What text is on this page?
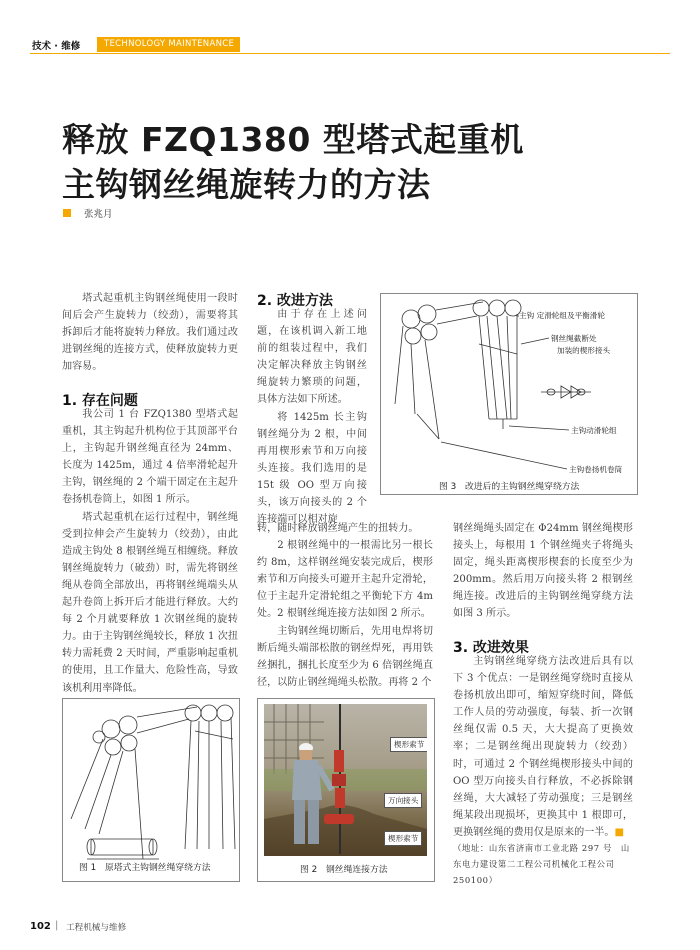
技术 · 维修	TECHNOLOGY MAINTENANCE
释放 FZQ1380 型塔式起重机
主钩钢丝绳旋转力的方法
张兆月

塔式起重机主钩钢丝绳使用一段时间后会产生旋转力（绞劲），需要将其拆卸后才能将旋转力释放。我们通过改进钢丝绳的连接方式，使释放旋转力更加容易。

1. 存在问题

我公司 1 台 FZQ1380 型塔式起重机，其主钩起升机构位于其顶部平台上，主钩起升钢丝绳直径为 24mm、长度为 1425m，通过 4 倍率滑轮起升主钩，钢丝绳的 2 个端干固定在主起升卷扬机卷筒上，如图 1 所示。

塔式起重机在运行过程中，钢丝绳受到拉伸会产生旋转力（绞劲），由此造成主钩处 8 根钢丝绳互相缠绕。释放钢丝绳旋转力（破劲）时，需先将钢丝绳从卷筒全部放出，再将钢丝绳端头从起升卷筒上拆开后才能进行释放。大约每 2 个月就要释放 1 次钢丝绳的旋转力。由于主钩钢丝绳较长，释放 1 次扭转力需耗费 2 天时间，严重影响起重机的使用，且工作量大、危险性高，导致该机利用率降低。

图 1　原塔式主钩钢丝绳穿绕方法
2. 改进方法

由于存在上述问题，在该机调入新工地前的组装过程中，我们决定解决释放主钩钢丝绳旋转力繁琐的问题，具体方法如下所述。

将 1425m 长主钩钢丝绳分为 2 根，中间再用楔形索节和万向接头连接。我们选用的是 15t 级 OO 型万向接头，该万向接头的 2 个连接端可以相对旋

转，随时释放钢丝绳产生的扭转力。

2 根钢丝绳中的一根需比另一根长约 8m，这样钢丝绳安装完成后，楔形索节和万向接头可避开主起升定滑轮，位于主起升定滑轮组之平衡轮下方 4m 处。2 根钢丝绳连接方法如图 2 所示。

主钩钢丝绳切断后，先用电焊将切断后绳头端部松散的钢丝焊死，再用铁丝捆扎，捆扎长度至少为 6 倍钢丝绳直径，以防止钢丝绳绳头松散。再将 2 个

楔形索节
万向接头
楔形索节
图 2　钢丝绳连接方法
主钩 定滑轮组及平衡滑轮
钢丝绳截断处
加装的楔形接头
主钩动滑轮组
主钩卷扬机卷筒
图 3　改进后的主钩钢丝绳穿绕方法

钢丝绳绳头固定在 Φ24mm 钢丝绳楔形接头上，每根用 1 个钢丝绳夹子将绳头固定，绳头距离楔形楔套的长度至少为 200mm。然后用万向接头将 2 根钢丝绳连接。改进后的主钩钢丝绳穿绕方法如图 3 所示。

3. 改进效果

主钩钢丝绳穿绕方法改进后具有以下 3 个优点：一是钢丝绳穿绕时直接从卷扬机放出即可，缩短穿绕时间，降低工作人员的劳动强度，每装、折一次钢丝绳仅需 0.5 天，大大提高了更换效率；二是钢丝绳出现旋转力（绞劲）时，可通过 2 个钢丝绳楔形接头中间的 OO 型万向接头自行释放，不必拆除钢丝绳，大大减轻了劳动强度；三是钢丝绳某段出现损坏，更换其中 1 根即可，更换钢丝绳的费用仅是原来的一半。■

（地址：山东省济南市工业北路 297 号　山东电力建设第二工程公司机械化工程公司 250100）
102 | 工程机械与维修
